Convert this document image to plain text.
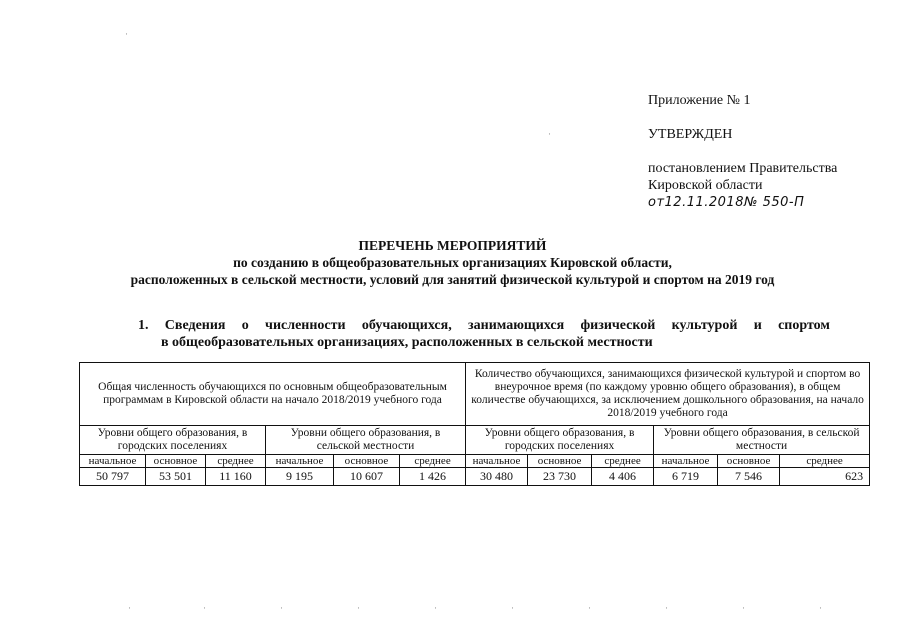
Приложение № 1
УТВЕРЖДЕН
постановлением Правительства
Кировской области
от12.11.2018№ 550-П
ПЕРЕЧЕНЬ МЕРОПРИЯТИЙ
по созданию в общеобразовательных организациях Кировской области,
расположенных в сельской местности, условий для занятий физической культурой и спортом на 2019 год
1. Сведения о численности обучающихся, занимающихся физической культурой и спортом
в общеобразовательных организациях, расположенных в сельской местности
Общая численность обучающихся по основным общеобразовательным программам в Кировской области на начало 2018/2019 учебного года						Количество обучающихся, занимающихся физической культурой и спортом во внеурочное время (по каждому уровню общего образования), в общем количестве обучающихся, за исключением дошкольного образования, на начало 2018/2019 учебного года					
Уровни общего образования, в городских поселениях			Уровни общего образования, в сельской местности			Уровни общего образования, в городских поселениях			Уровни общего образования, в сельской местности		
начальное	основное	среднее	начальное	основное	среднее	начальное	основное	среднее	начальное	основное	среднее
50 797	53 501	11 160	9 195	10 607	1 426	30 480	23 730	4 406	6 719	7 546	623
·
·
·	·	·	·	·	·	·	·	·	·
